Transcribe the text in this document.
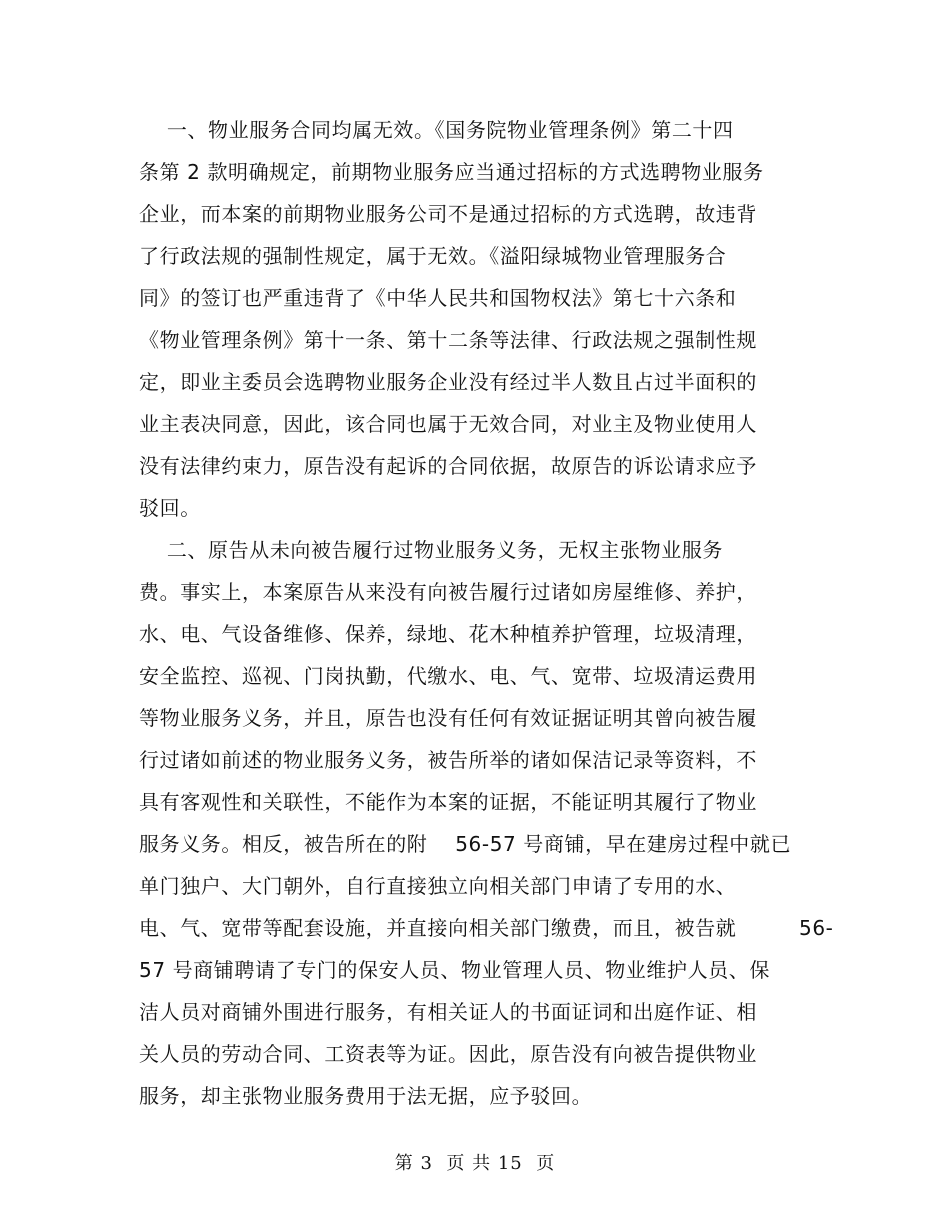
一、物业服务合同均属无效。《国务院物业管理条例》第二十四
条第 2 款明确规定，前期物业服务应当通过招标的方式选聘物业服务
企业，而本案的前期物业服务公司不是通过招标的方式选聘，故违背
了行政法规的强制性规定，属于无效。《溢阳绿城物业管理服务合
同》的签订也严重违背了《中华人民共和国物权法》第七十六条和
《物业管理条例》第十一条、第十二条等法律、行政法规之强制性规
定，即业主委员会选聘物业服务企业没有经过半人数且占过半面积的
业主表决同意，因此，该合同也属于无效合同，对业主及物业使用人
没有法律约束力，原告没有起诉的合同依据，故原告的诉讼请求应予
驳回。
二、原告从未向被告履行过物业服务义务，无权主张物业服务
费。事实上，本案原告从来没有向被告履行过诸如房屋维修、养护，
水、电、气设备维修、保养，绿地、花木种植养护管理，垃圾清理，
安全监控、巡视、门岗执勤，代缴水、电、气、宽带、垃圾清运费用
等物业服务义务，并且，原告也没有任何有效证据证明其曾向被告履
行过诸如前述的物业服务义务，被告所举的诸如保洁记录等资料，不
具有客观性和关联性，不能作为本案的证据，不能证明其履行了物业
服务义务。相反，被告所在的附    56-57 号商铺，早在建房过程中就已
单门独户、大门朝外，自行直接独立向相关部门申请了专用的水、
电、气、宽带等配套设施，并直接向相关部门缴费，而且，被告就         56-
57 号商铺聘请了专门的保安人员、物业管理人员、物业维护人员、保
洁人员对商铺外围进行服务，有相关证人的书面证词和出庭作证、相
关人员的劳动合同、工资表等为证。因此，原告没有向被告提供物业
服务，却主张物业服务费用于法无据，应予驳回。
第 3  页 共 15  页
